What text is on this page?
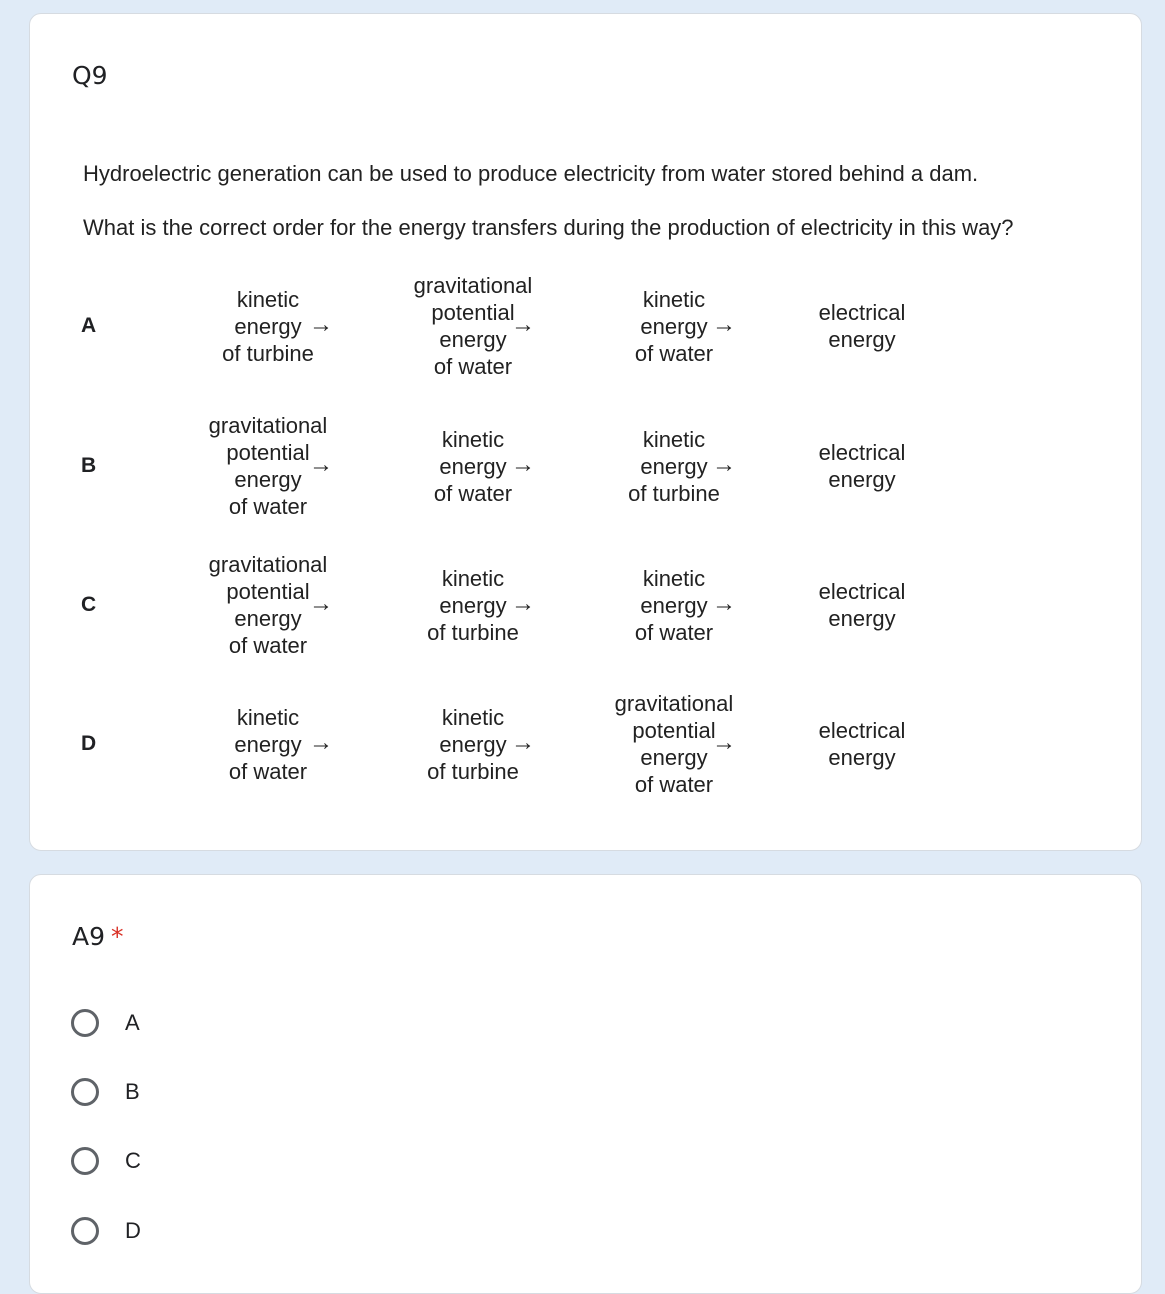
Q9
Hydroelectric generation can be used to produce electricity from water stored behind a dam.
What is the correct order for the energy transfers during the production of electricity in this way?
A
kinetic
energy
of turbine
→
gravitational
potential
energy
of water
→
kinetic
energy
of water
→	electrical
energy
B
gravitational
potential
energy
of water
→
kinetic
energy
of water
→
kinetic
energy
of turbine
→	electrical
energy
C
gravitational
potential
energy
of water
→
kinetic
energy
of turbine
→
kinetic
energy
of water
→	electrical
energy
D
kinetic
energy
of water
→
kinetic
energy
of turbine
→
gravitational
potential
energy
of water
→	electrical
energy
A9 *
A
B
C
D
